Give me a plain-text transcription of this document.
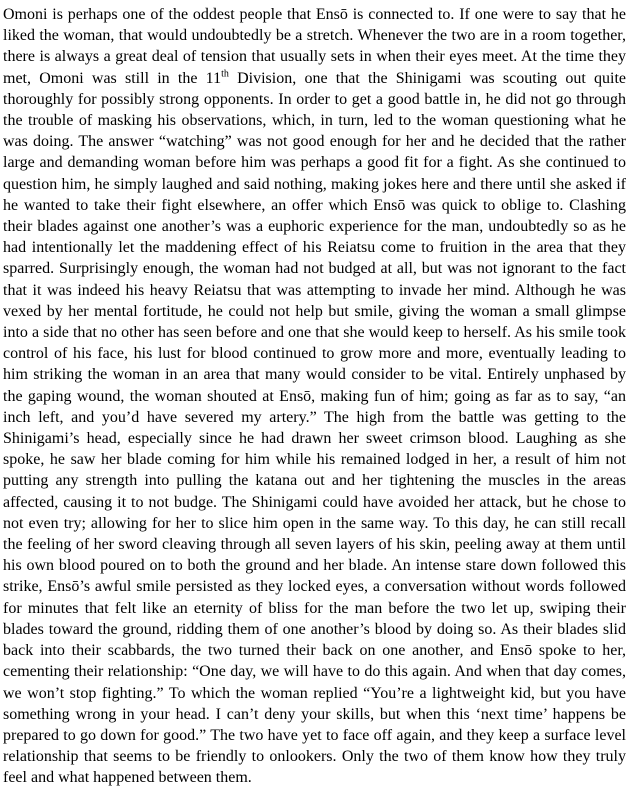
Omoni is perhaps one of the oddest people that Ensō is connected to. If one were to say that he liked the woman, that would undoubtedly be a stretch. Whenever the two are in a room together, there is always a great deal of tension that usually sets in when their eyes meet. At the time they met, Omoni was still in the 11th Division, one that the Shinigami was scouting out quite thoroughly for possibly strong opponents. In order to get a good battle in, he did not go through the trouble of masking his observations, which, in turn, led to the woman questioning what he was doing. The answer “watching” was not good enough for her and he decided that the rather large and demanding woman before him was perhaps a good fit for a fight. As she continued to question him, he simply laughed and said nothing, making jokes here and there until she asked if he wanted to take their fight elsewhere, an offer which Ensō was quick to oblige to. Clashing their blades against one another’s was a euphoric experience for the man, undoubtedly so as he had intentionally let the maddening effect of his Reiatsu come to fruition in the area that they sparred. Surprisingly enough, the woman had not budged at all, but was not ignorant to the fact that it was indeed his heavy Reiatsu that was attempting to invade her mind. Although he was vexed by her mental fortitude, he could not help but smile, giving the woman a small glimpse into a side that no other has seen before and one that she would keep to herself. As his smile took control of his face, his lust for blood continued to grow more and more, eventually leading to him striking the woman in an area that many would consider to be vital. Entirely unphased by the gaping wound, the woman shouted at Ensō, making fun of him; going as far as to say, “an inch left, and you’d have severed my artery.” The high from the battle was getting to the Shinigami’s head, especially since he had drawn her sweet crimson blood. Laughing as she spoke, he saw her blade coming for him while his remained lodged in her, a result of him not putting any strength into pulling the katana out and her tightening the muscles in the areas affected, causing it to not budge. The Shinigami could have avoided her attack, but he chose to not even try; allowing for her to slice him open in the same way. To this day, he can still recall the feeling of her sword cleaving through all seven layers of his skin, peeling away at them until his own blood poured on to both the ground and her blade. An intense stare down followed this strike, Ensō’s awful smile persisted as they locked eyes, a conversation without words followed for minutes that felt like an eternity of bliss for the man before the two let up, swiping their blades toward the ground, ridding them of one another’s blood by doing so. As their blades slid back into their scabbards, the two turned their back on one another, and Ensō spoke to her, cementing their relationship: “One day, we will have to do this again. And when that day comes, we won’t stop fighting.” To which the woman replied “You’re a lightweight kid, but you have something wrong in your head. I can’t deny your skills, but when this ‘next time’ happens be prepared to go down for good.” The two have yet to face off again, and they keep a surface level relationship that seems to be friendly to onlookers. Only the two of them know how they truly feel and what happened between them.
